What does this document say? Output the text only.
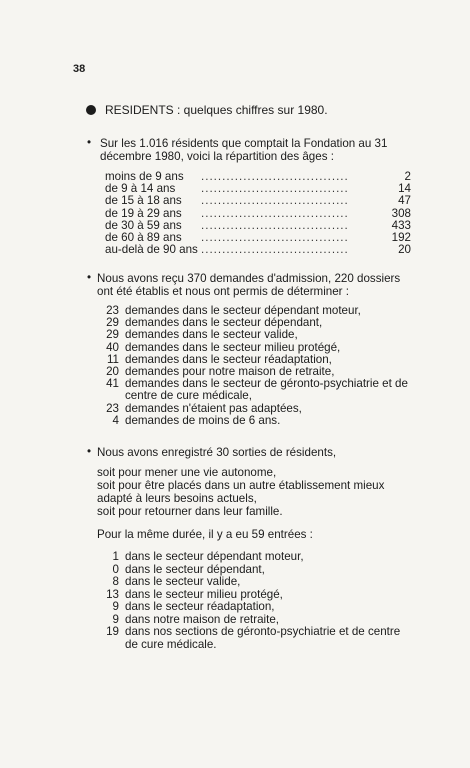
38
RESIDENTS : quelques chiffres sur 1980.
• Sur les 1.016 résidents que comptait la Fondation au 31
décembre 1980, voici la répartition des âges :
moins de 9 ans ...................................	2
de 9 à 14 ans ...................................	14
de 15 à 18 ans ...................................	47
de 19 à 29 ans ...................................	308
de 30 à 59 ans ...................................	433
de 60 à 89 ans ...................................	192
au-delà de 90 ans ...................................	20
• Nous avons reçu 370 demandes d'admission, 220 dossiers
ont été établis et nous ont permis de déterminer :
23 demandes dans le secteur dépendant moteur,
29 demandes dans le secteur dépendant,
29 demandes dans le secteur valide,
40 demandes dans le secteur milieu protégé,
11 demandes dans le secteur réadaptation,
20 demandes pour notre maison de retraite,
41 demandes dans le secteur de géronto-psychiatrie et de
centre de cure médicale,
23 demandes n'étaient pas adaptées,
4 demandes de moins de 6 ans.
• Nous avons enregistré 30 sorties de résidents,
soit pour mener une vie autonome,
soit pour être placés dans un autre établissement mieux
adapté à leurs besoins actuels,
soit pour retourner dans leur famille.
Pour la même durée, il y a eu 59 entrées :
1 dans le secteur dépendant moteur,
0 dans le secteur dépendant,
8 dans le secteur valide,
13 dans le secteur milieu protégé,
9 dans le secteur réadaptation,
9 dans notre maison de retraite,
19 dans nos sections de géronto-psychiatrie et de centre
de cure médicale.
